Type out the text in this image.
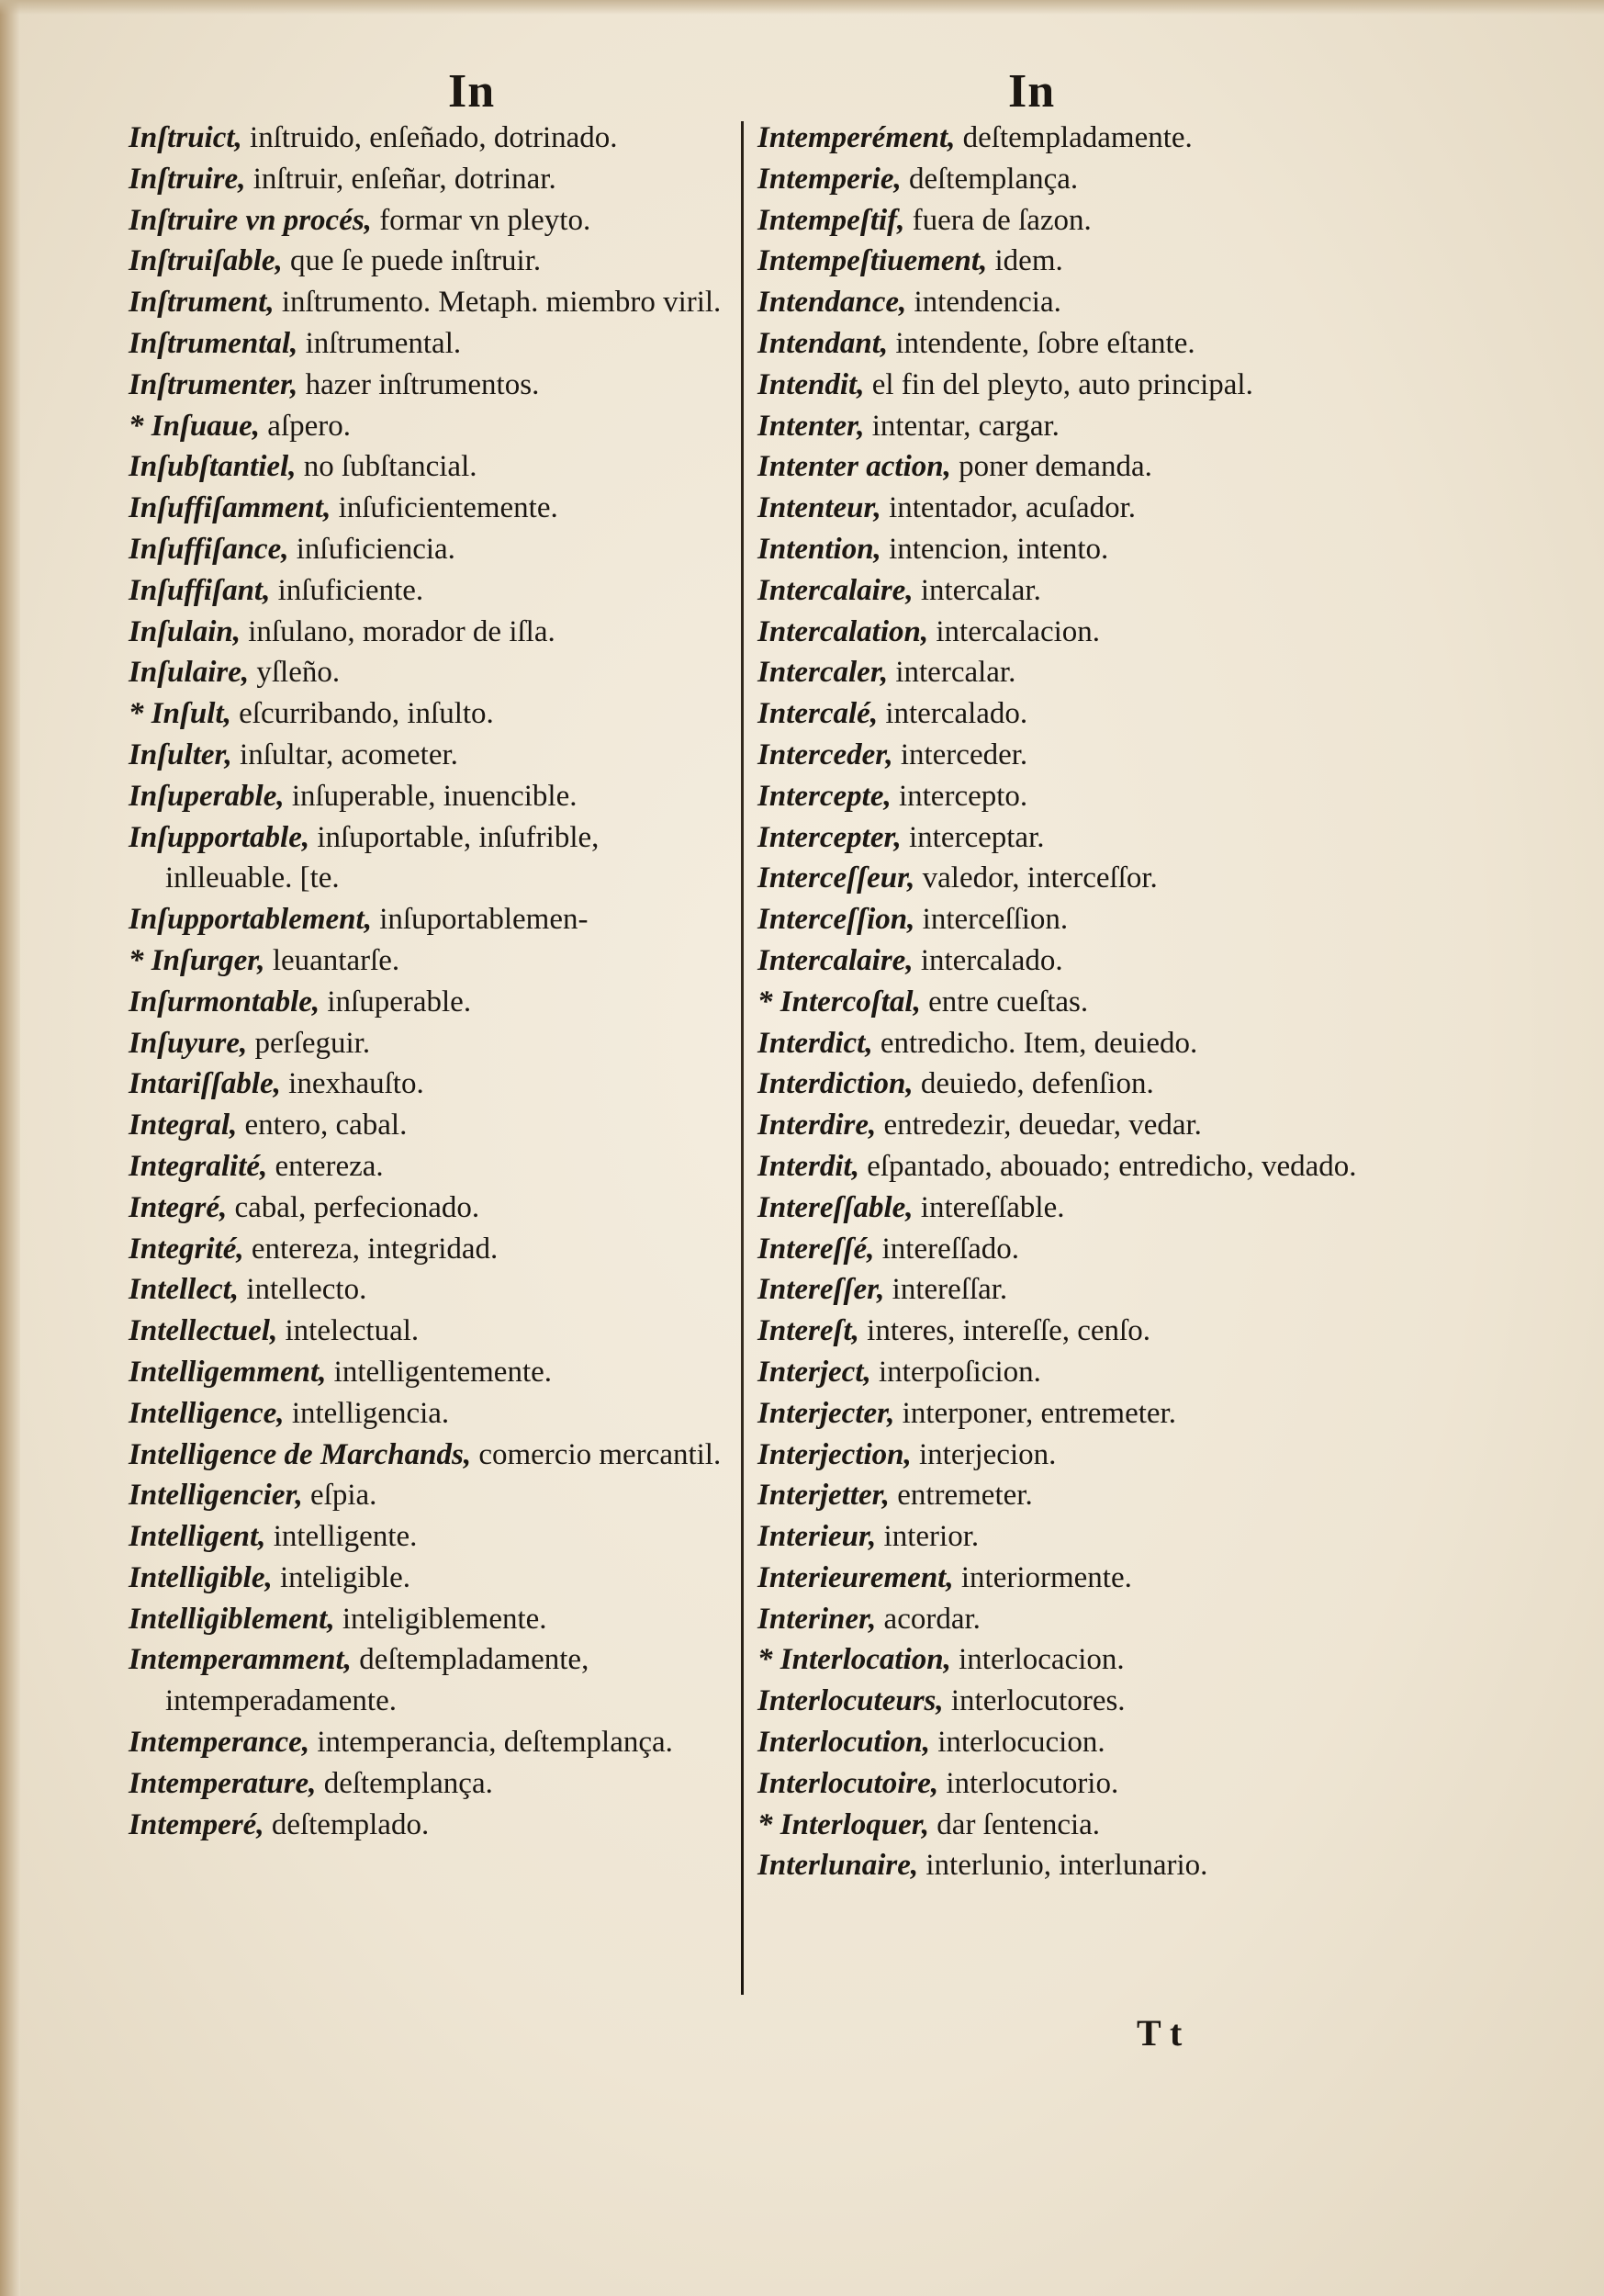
In	In

Inſtruict, inſtruido, enſeñado, dotrinado.

Inſtruire, inſtruir, enſeñar, dotrinar.

Inſtruire vn procés, formar vn pleyto.

Inſtruiſable, que ſe puede inſtruir.

Inſtrument, inſtrumento. Metaph. miembro viril.

Inſtrumental, inſtrumental.

Inſtrumenter, hazer inſtrumentos.

* Inſuaue, aſpero.

Inſubſtantiel, no ſubſtancial.

Inſuffiſamment, inſuficientemente.

Inſuffiſance, inſuficiencia.

Inſuffiſant, inſuficiente.

Inſulain, inſulano, morador de iſla.

Inſulaire, yſleño.

* Inſult, eſcurribando, inſulto.

Inſulter, inſultar, acometer.

Inſuperable, inſuperable, inuencible.

Inſupportable, inſuportable, inſufrible, inlleuable. [te.

Inſupportablement, inſuportablemen-

* Inſurger, leuantarſe.

Inſurmontable, inſuperable.

Inſuyure, perſeguir.

Intariſſable, inexhauſto.

Integral, entero, cabal.

Integralité, entereza.

Integré, cabal, perfecionado.

Integrité, entereza, integridad.

Intellect, intellecto.

Intellectuel, intelectual.

Intelligemment, intelligentemente.

Intelligence, intelligencia.

Intelligence de Marchands, comercio mercantil.

Intelligencier, eſpia.

Intelligent, intelligente.

Intelligible, inteligible.

Intelligiblement, inteligiblemente.

Intemperamment, deſtempladamente, intemperadamente.

Intemperance, intemperancia, deſtemplança.

Intemperature, deſtemplança.

Intemperé, deſtemplado.

Intemperément, deſtempladamente.

Intemperie, deſtemplança.

Intempeſtif, fuera de ſazon.

Intempeſtiuement, idem.

Intendance, intendencia.

Intendant, intendente, ſobre eſtante.

Intendit, el fin del pleyto, auto principal.

Intenter, intentar, cargar.

Intenter action, poner demanda.

Intenteur, intentador, acuſador.

Intention, intencion, intento.

Intercalaire, intercalar.

Intercalation, intercalacion.

Intercaler, intercalar.

Intercalé, intercalado.

Interceder, interceder.

Intercepte, intercepto.

Intercepter, interceptar.

Interceſſeur, valedor, interceſſor.

Interceſſion, interceſſion.

Intercalaire, intercalado.

* Intercoſtal, entre cueſtas.

Interdict, entredicho. Item, deuiedo.

Interdiction, deuiedo, defenſion.

Interdire, entredezir, deuedar, vedar.

Interdit, eſpantado, abouado; entredicho, vedado.

Intereſſable, intereſſable.

Intereſſé, intereſſado.

Intereſſer, intereſſar.

Intereſt, interes, intereſſe, cenſo.

Interject, interpoſicion.

Interjecter, interponer, entremeter.

Interjection, interjecion.

Interjetter, entremeter.

Interieur, interior.

Interieurement, interiormente.

Interiner, acordar.

* Interlocation, interlocacion.

Interlocuteurs, interlocutores.

Interlocution, interlocucion.

Interlocutoire, interlocutorio.

* Interloquer, dar ſentencia.

Interlunaire, interlunio, interlunario.

T t
